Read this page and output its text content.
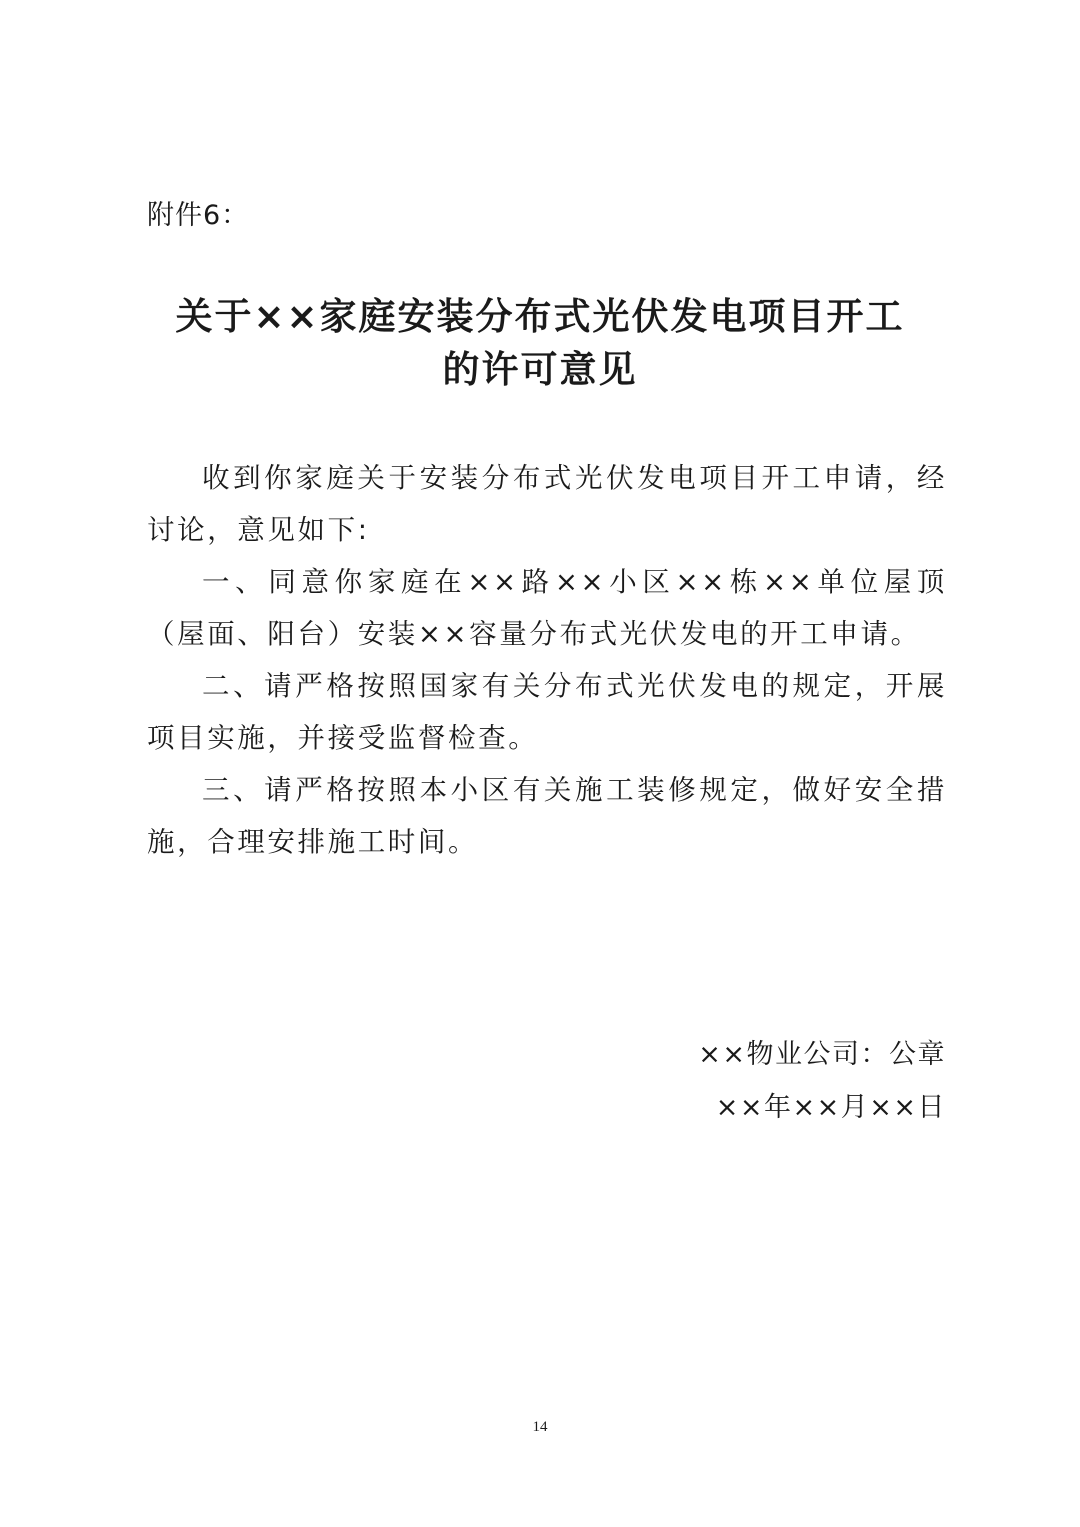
附件6：
关于××家庭安装分布式光伏发电项目开工
的许可意见

收到你家庭关于安装分布式光伏发电项目开工申请，经讨论，意见如下:

一、同意你家庭在××路××小区××栋××单位屋顶（屋面、阳台）安装××容量分布式光伏发电的开工申请。

二、请严格按照国家有关分布式光伏发电的规定，开展项目实施，并接受监督检查。

三、请严格按照本小区有关施工装修规定，做好安全措施，合理安排施工时间。

××物业公司：公章
××年××月××日
14
